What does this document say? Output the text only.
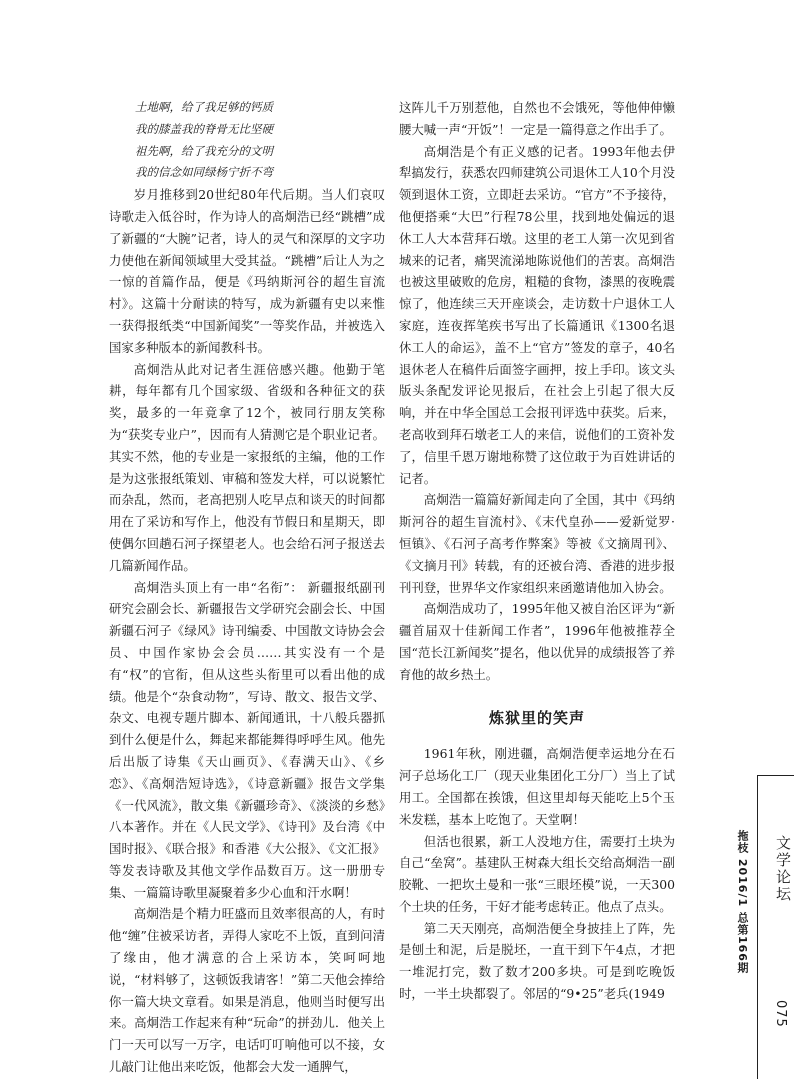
土地啊，给了我足够的钙质
我的膝盖我的脊骨无比坚硬
祖先啊，给了我充分的文明
我的信念如同绿杨宁折不弯

岁月推移到20世纪80年代后期。当人们哀叹诗歌走入低谷时，作为诗人的高炯浩已经“跳槽”成了新疆的“大腕”记者，诗人的灵气和深厚的文字功力使他在新闻领域里大受其益。“跳槽”后让人为之一惊的首篇作品，便是《玛纳斯河谷的超生盲流村》。这篇十分耐读的特写，成为新疆有史以来惟一获得报纸类“中国新闻奖”一等奖作品，并被选入国家多种版本的新闻教科书。

高炯浩从此对记者生涯倍感兴趣。他勤于笔耕，每年都有几个国家级、省级和各种征文的获奖，最多的一年竟拿了12个，被同行朋友笑称为“获奖专业户”，因而有人猜测它是个职业记者。其实不然，他的专业是一家报纸的主编，他的工作是为这张报纸策划、审稿和签发大样，可以说繁忙而杂乱，然而，老高把别人吃早点和谈天的时间都用在了采访和写作上，他没有节假日和星期天，即使偶尔回趟石河子探望老人。也会给石河子报送去几篇新闻作品。

高炯浩头顶上有一串“名衔”： 新疆报纸副刊研究会副会长、新疆报告文学研究会副会长、中国新疆石河子《绿风》诗刊编委、中国散文诗协会会员、中国作家协会会员……其实没有一个是有“权”的官衔，但从这些头衔里可以看出他的成绩。他是个“杂食动物”，写诗、散文、报告文学、杂文、电视专题片脚本、新闻通讯，十八般兵器抓到什么便是什么，舞起来都能舞得呼呼生风。他先后出版了诗集《天山画页》、《春满天山》、《乡恋》、《高炯浩短诗选》，《诗意新疆》报告文学集《一代风流》，散文集《新疆珍奇》、《淡淡的乡愁》八本著作。并在《人民文学》、《诗刊》及台湾《中国时报》、《联合报》和香港《大公报》、《文汇报》等发表诗歌及其他文学作品数百万。这一册册专集、一篇篇诗歌里凝聚着多少心血和汗水啊！

高炯浩是个精力旺盛而且效率很高的人，有时他“缠”住被采访者，弄得人家吃不上饭，直到问清了缘由，他才满意的合上采访本，笑呵呵地说，“材料够了，这顿饭我请客！”第二天他会捧给你一篇大块文章看。如果是消息，他则当时便写出来。高炯浩工作起来有种“玩命”的拼劲儿．他关上门一天可以写一万字，电话叮叮响他可以不接，女儿敲门让他出来吃饭，他都会大发一通脾气，

这阵儿千万别惹他，自然也不会饿死，等他伸伸懒腰大喊一声“开饭”！一定是一篇得意之作出手了。

高炯浩是个有正义感的记者。1993年他去伊犁搞发行，获悉农四师建筑公司退休工人10个月没领到退休工资，立即赶去采访。“官方”不予接待，他便搭乘“大巴”行程78公里，找到地处偏远的退休工人大本营拜石墩。这里的老工人第一次见到省城来的记者，痛哭流涕地陈说他们的苦衷。高炯浩也被这里破败的危房，粗糙的食物，漆黑的夜晚震惊了，他连续三天开座谈会，走访数十户退休工人家庭，连夜挥笔疾书写出了长篇通讯《1300名退休工人的命运》，盖不上“官方”签发的章子，40名退休老人在稿件后面签字画押，按上手印。该文头版头条配发评论见报后，在社会上引起了很大反响，并在中华全国总工会报刊评选中获奖。后来，老高收到拜石墩老工人的来信，说他们的工资补发了，信里千恩万谢地称赞了这位敢于为百姓讲话的记者。

高炯浩一篇篇好新闻走向了全国，其中《玛纳斯河谷的超生盲流村》、《末代皇孙——爱新觉罗·恒镇》、《石河子高考作弊案》等被《文摘周刊》、《文摘月刊》转载，有的还被台湾、香港的进步报刊刊登，世界华文作家组织来函邀请他加入协会。

高炯浩成功了，1995年他又被自治区评为“新疆首届双十佳新闻工作者”，1996年他被推荐全国“范长江新闻奖”提名，他以优异的成绩报答了养育他的故乡热土。

炼狱里的笑声

1961年秋，刚进疆，高炯浩便幸运地分在石河子总场化工厂（现天业集团化工分厂）当上了试用工。全国都在挨饿，但这里却每天能吃上5个玉米发糕，基本上吃饱了。天堂啊！

但活也很累，新工人没地方住，需要打土块为自己“垒窝”。基建队王树森大组长交给高炯浩一副胶靴、一把坎土曼和一张“三眼坯模”说，一天300个土块的任务，干好才能考虑转正。他点了点头。

第二天天刚亮，高炯浩便全身披挂上了阵，先是刨土和泥，后是脱坯，一直干到下午4点，才把一堆泥打完，数了数才200多块。可是到吃晚饭时，一半土块都裂了。邻居的“9•25”老兵(1949

拖枝 2016/1 总第166期	文学论坛
075
